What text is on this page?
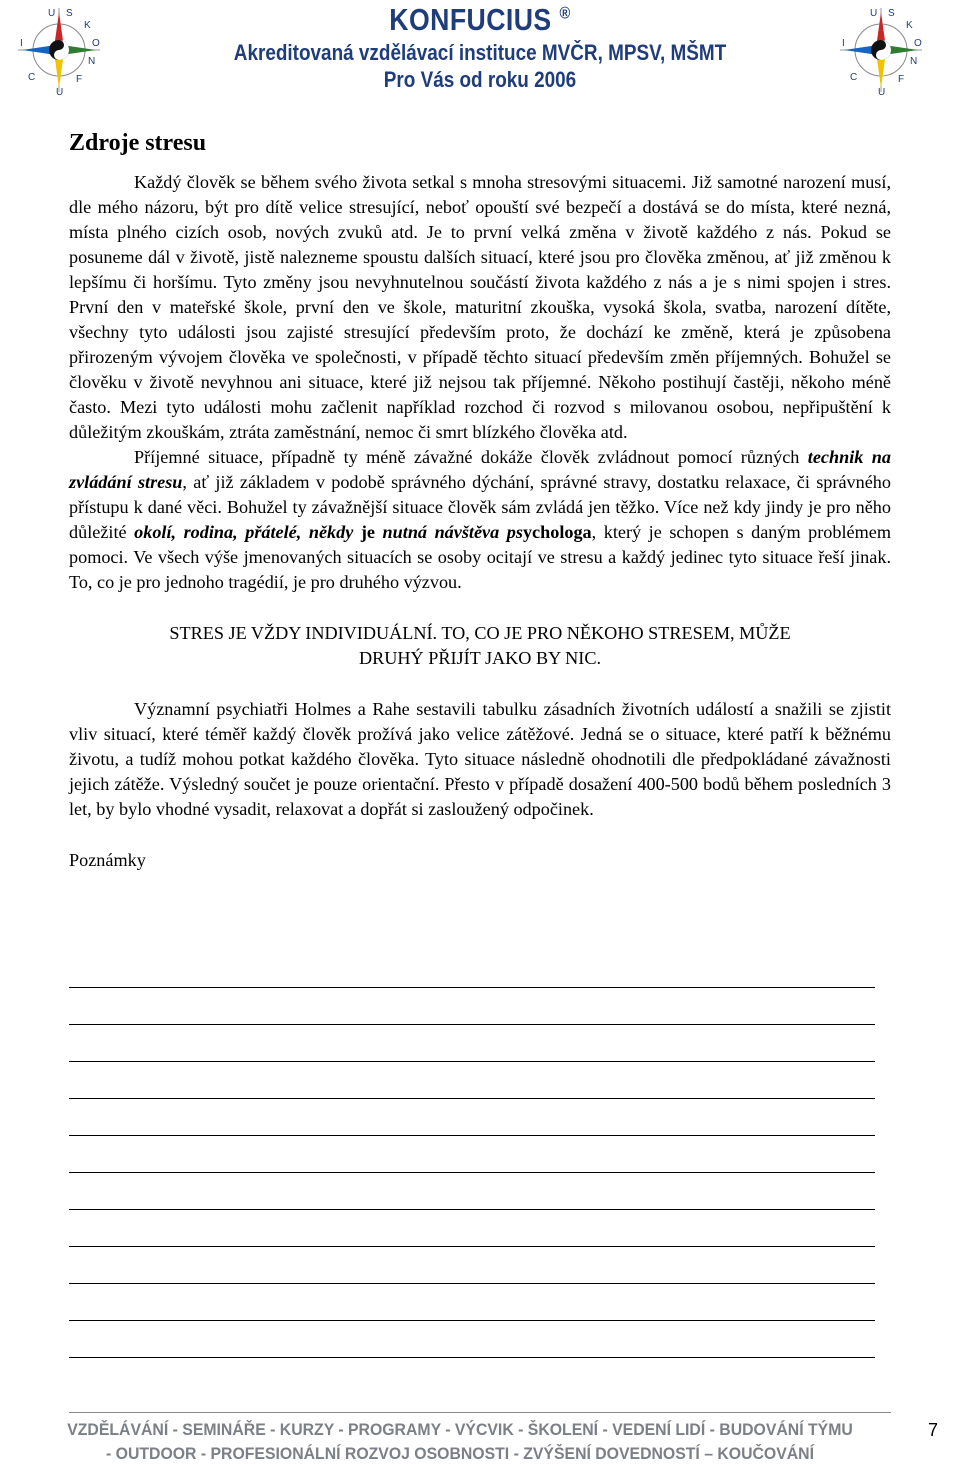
U S
K
O
N
F
U
C
I
KONFUCIUS ®
Akreditovaná vzdělávací instituce MVČR, MPSV, MŠMT
Pro Vás od roku 2006
U S
K
O
N
F
U
C
I
Zdroje stresu

Každý člověk se během svého života setkal s mnoha stresovými situacemi. Již samotné narození musí, dle mého názoru, být pro dítě velice stresující, neboť opouští své bezpečí a dostává se do místa, které nezná, místa plného cizích osob, nových zvuků atd. Je to první velká změna v životě každého z nás. Pokud se posuneme dál v životě, jistě nalezneme spoustu dalších situací, které jsou pro člověka změnou, ať již změnou k lepšímu či horšímu. Tyto změny jsou nevyhnutelnou součástí života každého z nás a je s nimi spojen i stres. První den v mateřské škole, první den ve škole, maturitní zkouška, vysoká škola, svatba, narození dítěte, všechny tyto události jsou zajisté stresující především proto, že dochází ke změně, která je způsobena přirozeným vývojem člověka ve společnosti, v případě těchto situací především změn příjemných. Bohužel se člověku v životě nevyhnou ani situace, které již nejsou tak příjemné. Někoho postihují častěji, někoho méně často. Mezi tyto události mohu začlenit například rozchod či rozvod s milovanou osobou, nepřipuštění k důležitým zkouškám, ztráta zaměstnání, nemoc či smrt blízkého člověka atd.

Příjemné situace, případně ty méně závažné dokáže člověk zvládnout pomocí různých technik na zvládání stresu, ať již základem v podobě správného dýchání, správné stravy, dostatku relaxace, či správného přístupu k dané věci. Bohužel ty závažnější situace člověk sám zvládá jen těžko. Více než kdy jindy je pro něho důležité okolí, rodina, přátelé, někdy je nutná návštěva psychologa, který je schopen s daným problémem pomoci. Ve všech výše jmenovaných situacích se osoby ocitají ve stresu a každý jedinec tyto situace řeší jinak. To, co je pro jednoho tragédií, je pro druhého výzvou.

STRES JE VŽDY INDIVIDUÁLNÍ. TO, CO JE PRO NĚKOHO STRESEM, MŮŽE
DRUHÝ PŘIJÍT JAKO BY NIC.

Významní psychiatři Holmes a Rahe sestavili tabulku zásadních životních událostí a snažili se zjistit vliv situací, které téměř každý člověk prožívá jako velice zátěžové. Jedná se o situace, které patří k běžnému životu, a tudíž mohou potkat každého člověka. Tyto situace následně ohodnotili dle předpokládané závažnosti jejich zátěže. Výsledný součet je pouze orientační. Přesto v případě dosažení 400-500 bodů během posledních 3 let, by bylo vhodné vysadit, relaxovat a dopřát si zasloužený odpočinek.

Poznámky

VZDĚLÁVÁNÍ - SEMINÁŘE - KURZY - PROGRAMY - VÝCVIK - ŠKOLENÍ - VEDENÍ LIDÍ - BUDOVÁNÍ TÝMU
- OUTDOOR - PROFESIONÁLNÍ ROZVOJ OSOBNOSTI - ZVÝŠENÍ DOVEDNOSTÍ – KOUČOVÁNÍ
7
